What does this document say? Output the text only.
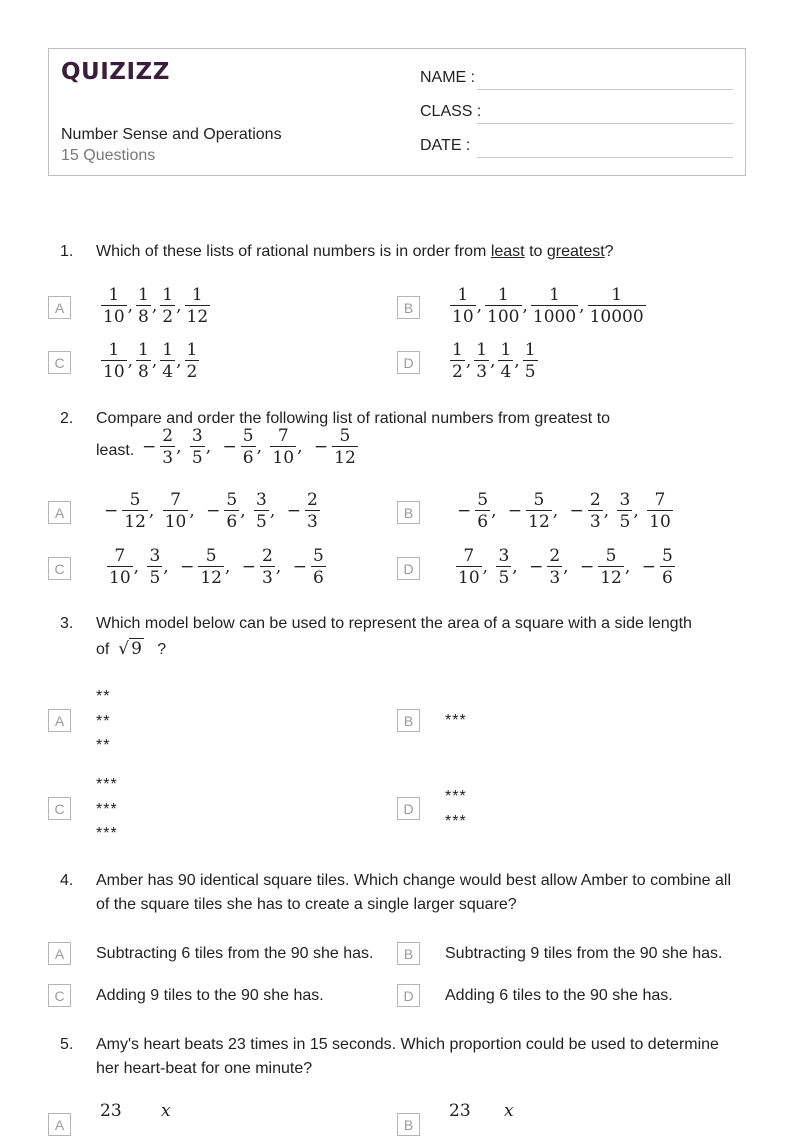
QUIZIZZ
Number Sense and Operations
15 Questions
NAME :
CLASS :
DATE :
1. Which of these lists of rational numbers is in order from least to greatest?
A	$\frac{1}{10}$ , $\frac{1}{8}$ , $\frac{1}{2}$ , $\frac{1}{12}$	B	$\frac{1}{10}$ , $\frac{1}{100}$ , $\frac{1}{1000}$ , $\frac{1}{10000}$
C	$\frac{1}{10}$ , $\frac{1}{8}$ , $\frac{1}{4}$ , $\frac{1}{2}$	D	$\frac{1}{2}$ , $\frac{1}{3}$ , $\frac{1}{4}$ , $\frac{1}{5}$
2. Compare and order the following list of rational numbers from greatest to
least. − $\frac{2}{3}$ , $\frac{3}{5}$ , − $\frac{5}{6}$ , $\frac{7}{10}$ , − $\frac{5}{12}$
A	− $\frac{5}{12}$ , $\frac{7}{10}$ , − $\frac{5}{6}$ , $\frac{3}{5}$ , − $\frac{2}{3}$	B	− $\frac{5}{6}$ , − $\frac{5}{12}$ , − $\frac{2}{3}$ , $\frac{3}{5}$ , $\frac{7}{10}$
C	$\frac{7}{10}$ , $\frac{3}{5}$ , − $\frac{5}{12}$ , − $\frac{2}{3}$ , − $\frac{5}{6}$	D	$\frac{7}{10}$ , $\frac{3}{5}$ , − $\frac{2}{3}$ , − $\frac{5}{12}$ , − $\frac{5}{6}$
3. Which model below can be used to represent the area of a square with a side length
of √ 9 ?
A
**
**
**
B	***
C
***
***
***
D
***
***
4. Amber has 90 identical square tiles. Which change would best allow Amber to combine all of the square tiles she has to create a single larger square?
A	Subtracting 6 tiles from the 90 she has.	B	Subtracting 9 tiles from the 90 she has.
C	Adding 9 tiles to the 90 she has.	D	Adding 6 tiles to the 90 she has.
5. Amy's heart beats 23 times in 15 seconds. Which proportion could be used to determine her heart-beat for one minute?
A
23 x
B
23 x
